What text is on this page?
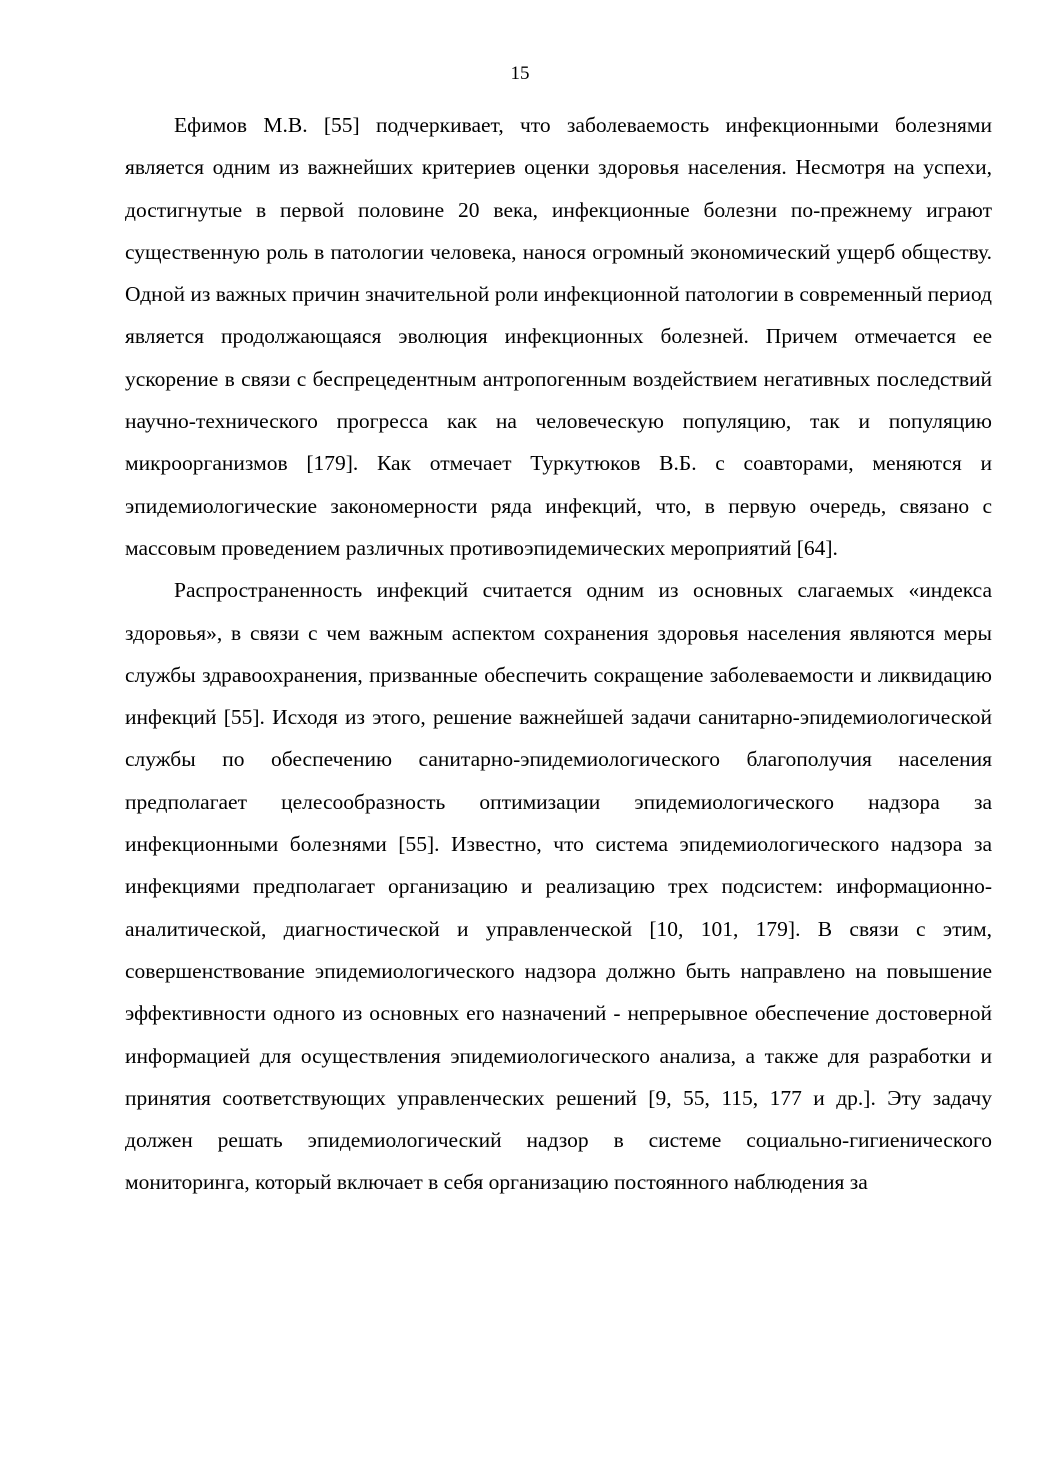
15

Ефимов М.В. [55] подчеркивает, что заболеваемость инфекционными болезнями является одним из важнейших критериев оценки здоровья населения. Несмотря на успехи, достигнутые в первой половине 20 века, инфекционные болезни по-прежнему играют существенную роль в патологии человека, нанося огромный экономический ущерб обществу. Одной из важных причин значительной роли инфекционной патологии в современный период является продолжающаяся эволюция инфекционных болезней. Причем отмечается ее ускорение в связи с беспрецедентным антропогенным воздействием негативных последствий научно-технического прогресса как на человеческую популяцию, так и популяцию микроорганизмов [179]. Как отмечает Туркутюков В.Б. с соавторами, меняются и эпидемиологические закономерности ряда инфекций, что, в первую очередь, связано с массовым проведением различных противоэпидемических мероприятий [64].

Распространенность инфекций считается одним из основных слагаемых «индекса здоровья», в связи с чем важным аспектом сохранения здоровья населения являются меры службы здравоохранения, призванные обеспечить сокращение заболеваемости и ликвидацию инфекций [55]. Исходя из этого, решение важнейшей задачи санитарно-эпидемиологической службы по обеспечению санитарно-эпидемиологического благополучия населения предполагает целесообразность оптимизации эпидемиологического надзора за инфекционными болезнями [55]. Известно, что система эпидемиологического надзора за инфекциями предполагает организацию и реализацию трех подсистем: информационно-аналитической, диагностической и управленческой [10, 101, 179]. В связи с этим, совершенствование эпидемиологического надзора должно быть направлено на повышение эффективности одного из основных его назначений - непрерывное обеспечение достоверной информацией для осуществления эпидемиологического анализа, а также для разработки и принятия соответствующих управленческих решений [9, 55, 115, 177 и др.]. Эту задачу должен решать эпидемиологический надзор в системе социально-гигиенического мониторинга, который включает в себя организацию постоянного наблюдения за
